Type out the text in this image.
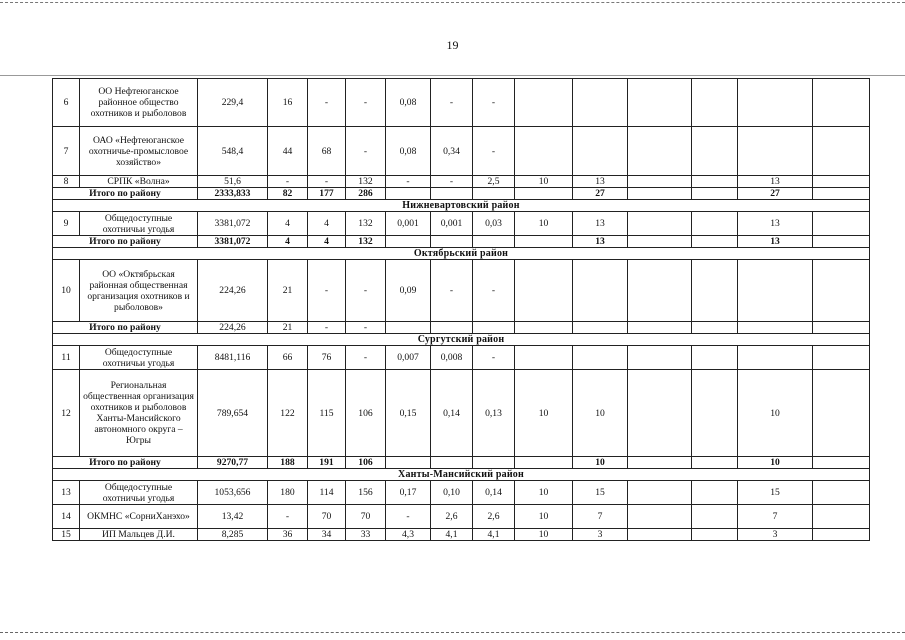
19
6	ОО Нефтеюганское районное общество охотников и рыболовов	229,4	16	-	-	0,08	-	-						
7	ОАО «Нефтеюганское охотничье-промысловое хозяйство»	548,4	44	68	-	0,08	0,34	-						
8	СРПК «Волна»	51,6	-	-	132	-	-	2,5	10	13			13	
Итого по району		2333,833	82	177	286					27			27	
Нижневартовский район														
9	Общедоступные охотничьи угодья	3381,072	4	4	132	0,001	0,001	0,03	10	13			13	
Итого по району		3381,072	4	4	132					13			13	
Октябрьский район														
10	ОО «Октябрьская районная общественная организация охотников и рыболовов»	224,26	21	-	-	0,09	-	-						
Итого по району		224,26	21	-	-									
Сургутский район														
11	Общедоступные охотничьи угодья	8481,116	66	76	-	0,007	0,008	-						
12	Региональная общественная организация охотников и рыболовов Ханты-Мансийского автономного округа – Югры	789,654	122	115	106	0,15	0,14	0,13	10	10			10	
Итого по району		9270,77	188	191	106					10			10	
Ханты-Мансийский район														
13	Общедоступные охотничьи угодья	1053,656	180	114	156	0,17	0,10	0,14	10	15			15	
14	ОКМНС «СорниХанэхо»	13,42	-	70	70	-	2,6	2,6	10	7			7	
15	ИП Мальцев Д.И.	8,285	36	34	33	4,3	4,1	4,1	10	3			3	
